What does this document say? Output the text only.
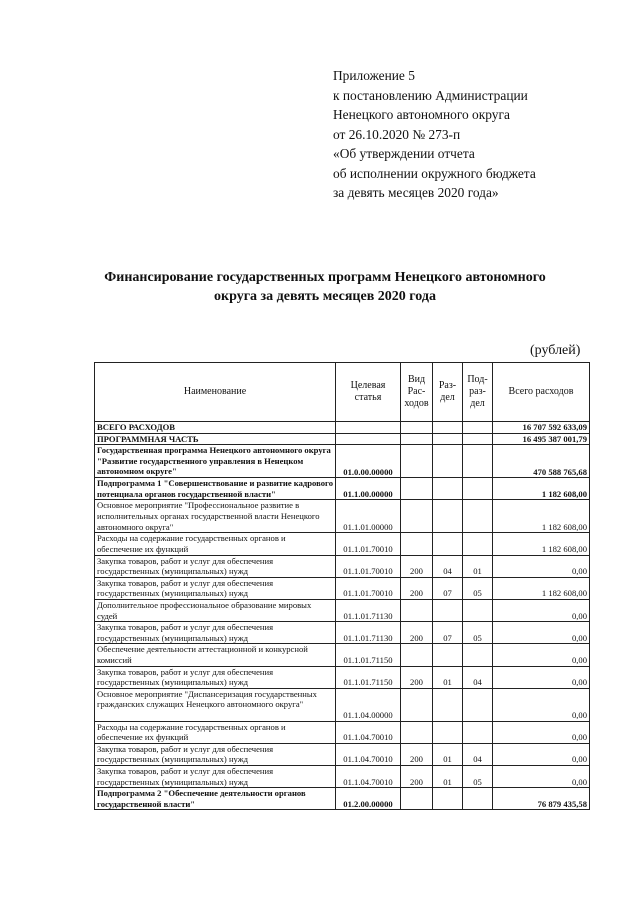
Приложение 5
к постановлению Администрации
Ненецкого автономного округа
от 26.10.2020 № 273-п
«Об утверждении отчета
об исполнении окружного бюджета
за девять месяцев 2020 года»
Финансирование государственных программ Ненецкого автономного
округа за девять месяцев 2020 года
(рублей)
Наименование	Целевая статья	Вид Рас-ходов	Раз-дел	Под-раз-дел	Всего расходов
ВСЕГО РАСХОДОВ					16 707 592 633,09
ПРОГРАММНАЯ ЧАСТЬ					16 495 387 001,79
Государственная программа Ненецкого автономного округа "Развитие государственного управления в Ненецком автономном округе"	01.0.00.00000				470 588 765,68
Подпрограмма 1 "Совершенствование и развитие кадрового потенциала органов государственной власти"	01.1.00.00000				1 182 608,00
Основное мероприятие "Профессиональное развитие в исполнительных органах государственной власти Ненецкого автономного округа"	01.1.01.00000				1 182 608,00
Расходы на содержание государственных органов и обеспечение их функций	01.1.01.70010				1 182 608,00
Закупка товаров, работ и услуг для обеспечения государственных (муниципальных) нужд	01.1.01.70010	200	04	01	0,00
Закупка товаров, работ и услуг для обеспечения государственных (муниципальных) нужд	01.1.01.70010	200	07	05	1 182 608,00
Дополнительное профессиональное образование мировых судей	01.1.01.71130				0,00
Закупка товаров, работ и услуг для обеспечения государственных (муниципальных) нужд	01.1.01.71130	200	07	05	0,00
Обеспечение деятельности аттестационной и конкурсной комиссий	01.1.01.71150				0,00
Закупка товаров, работ и услуг для обеспечения государственных (муниципальных) нужд	01.1.01.71150	200	01	04	0,00
Основное мероприятие "Диспансеризация государственных гражданских служащих Ненецкого автономного округа"	01.1.04.00000				0,00
Расходы на содержание государственных органов и обеспечение их функций	01.1.04.70010				0,00
Закупка товаров, работ и услуг для обеспечения государственных (муниципальных) нужд	01.1.04.70010	200	01	04	0,00
Закупка товаров, работ и услуг для обеспечения государственных (муниципальных) нужд	01.1.04.70010	200	01	05	0,00
Подпрограмма 2 "Обеспечение деятельности органов государственной власти"	01.2.00.00000				76 879 435,58
